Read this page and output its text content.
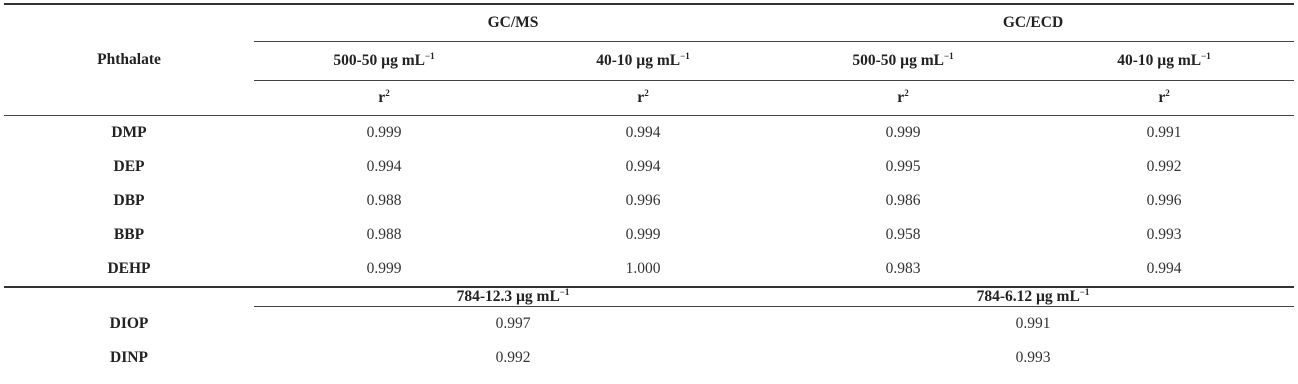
Phthalate	GC/MS		GC/ECD	
	500-50 µg $mL^{-1}$	40-10 µg $mL^{-1}$	500-50 µg $mL^{-1}$	40-10 µg $mL^{-1}$
	$r^2$	$r^2$	$r^2$	$r^2$
DMP	0.999	0.994	0.999	0.991
DEP	0.994	0.994	0.995	0.992
DBP	0.988	0.996	0.986	0.996
BBP	0.988	0.999	0.958	0.993
DEHP	0.999	1.000	0.983	0.994
	784-12.3 µg $mL^{-1}$		784-6.12 µg $mL^{-1}$
DIOP	0.997		0.991	
DINP	0.992		0.993	
